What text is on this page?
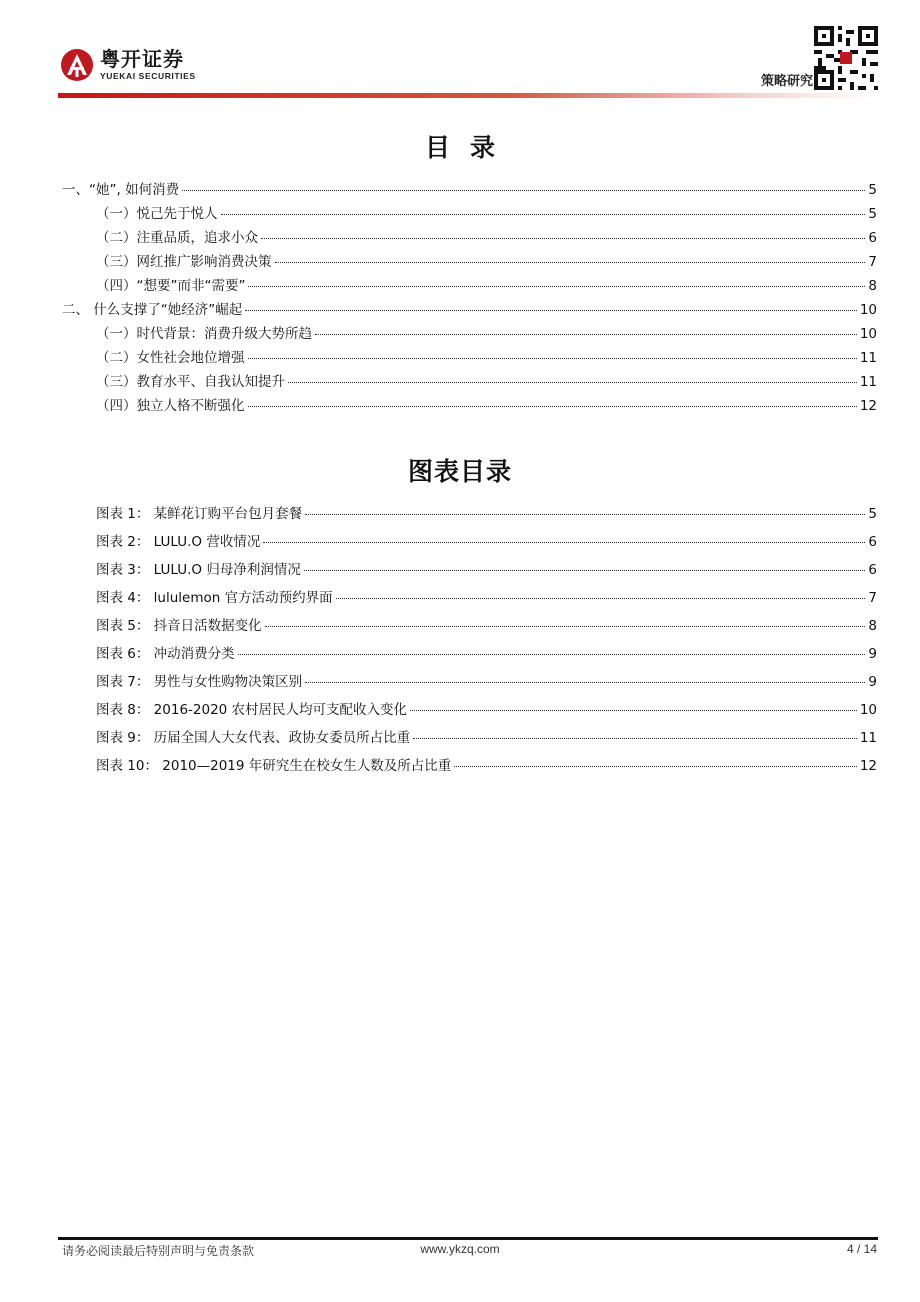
粤开证券
YUEKAI SECURITIES	策略研究
目录
一、“她”, 如何消费	5
（一）悦己先于悦人	5
（二）注重品质，追求小众	6
（三）网红推广影响消费决策	7
（四）“想要”而非“需要”	8
二、 什么支撑了“她经济”崛起	10
（一）时代背景：消费升级大势所趋	10
（二）女性社会地位增强	11
（三）教育水平、自我认知提升	11
（四）独立人格不断强化	12
图表目录
图表 1： 某鲜花订购平台包月套餐	5
图表 2： LULU.O 营收情况	6
图表 3： LULU.O 归母净利润情况	6
图表 4： lululemon 官方活动预约界面	7
图表 5： 抖音日活数据变化	8
图表 6： 冲动消费分类	9
图表 7： 男性与女性购物决策区别	9
图表 8： 2016-2020 农村居民人均可支配收入变化	10
图表 9： 历届全国人大女代表、政协女委员所占比重	11
图表 10： 2010—2019 年研究生在校女生人数及所占比重	12
请务必阅读最后特别声明与免责条款	www.ykzq.com	4 / 14
